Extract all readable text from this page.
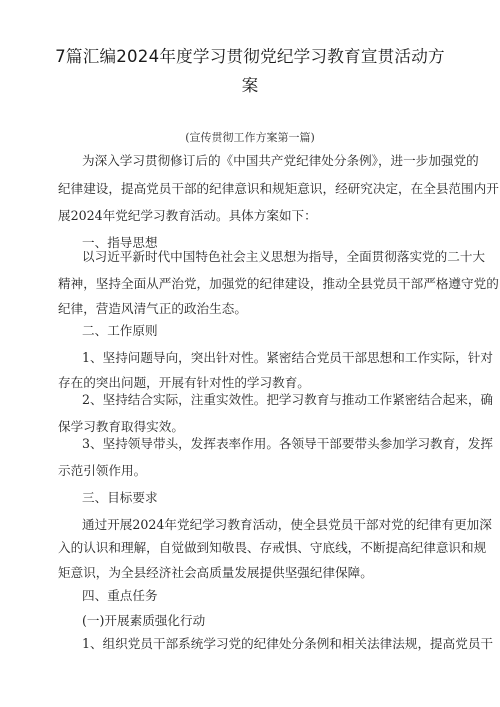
7篇汇编2024年度学习贯彻党纪学习教育宣贯活动方
案
(宣传贯彻工作方案第一篇)
为深入学习贯彻修订后的《中国共产党纪律处分条例》，进一步加强党的
纪律建设，提高党员干部的纪律意识和规矩意识，经研究决定，在全县范围内开
展2024年党纪学习教育活动。具体方案如下：
一、指导思想
以习近平新时代中国特色社会主义思想为指导，全面贯彻落实党的二十大
精神，坚持全面从严治党，加强党的纪律建设，推动全县党员干部严格遵守党的
纪律，营造风清气正的政治生态。
二、工作原则
1、坚持问题导向，突出针对性。紧密结合党员干部思想和工作实际，针对
存在的突出问题，开展有针对性的学习教育。
2、坚持结合实际，注重实效性。把学习教育与推动工作紧密结合起来，确
保学习教育取得实效。
3、坚持领导带头，发挥表率作用。各领导干部要带头参加学习教育，发挥
示范引领作用。
三、目标要求
通过开展2024年党纪学习教育活动，使全县党员干部对党的纪律有更加深
入的认识和理解，自觉做到知敬畏、存戒惧、守底线，不断提高纪律意识和规
矩意识，为全县经济社会高质量发展提供坚强纪律保障。
四、重点任务
(一)开展素质强化行动
1、组织党员干部系统学习党的纪律处分条例和相关法律法规，提高党员干
